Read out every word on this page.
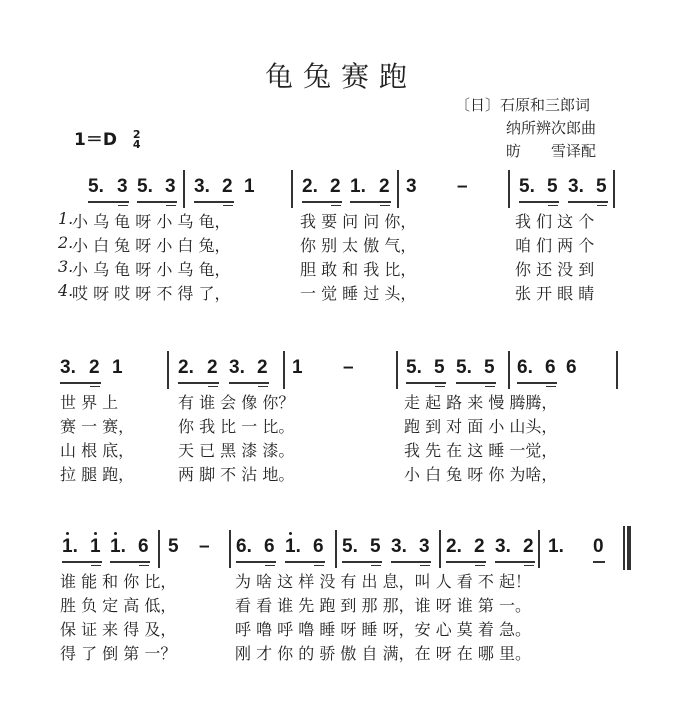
龟兔赛跑
〔日〕石原和三郎词
纳所辨次郎曲
昉　　雪译配
1＝D 2
4
5. 3 5. 3 3. 2 1 2. 2 1. 2 3 –	5. 5 3. 5
1.
小 乌 龟 呀 小 乌 龟，	我 要 问 问 你，	我 们 这 个
2.
小 白 兔 呀 小 白 兔，	你 别 太 傲 气，	咱 们 两 个
3.
小 乌 龟 呀 小 乌 龟，	胆 敢 和 我 比，	你 还 没 到
4.
哎 呀 哎 呀 不 得 了，	一 觉 睡 过 头，	张 开 眼 睛
3. 2 1	2. 2 3. 2 1 –	5. 5 5. 5 6. 6 6
世 界 上	有 谁 会 像 你？	走 起 路 来 慢 腾腾，
赛 一 赛，	你 我 比 一 比。	跑 到 对 面 小 山头，
山 根 底，	天 已 黑 漆 漆。	我 先 在 这 睡 一觉，
拉 腿 跑，	两 脚 不 沾 地。	小 白 兔 呀 你 为啥，
1. 1 1. 6 5 – 6. 6 1. 6 5. 5 3. 3 2. 2 3. 2 1. 0
谁 能 和 你 比，	为 啥 这 样 没 有 出 息，叫 人 看 不 起！
胜 负 定 高 低，	看 看 谁 先 跑 到 那 那，谁 呀 谁 第 一。
保 证 来 得 及，	呼 噜 呼 噜 睡 呀 睡 呀，安 心 莫 着 急。
得 了 倒 第 一？	刚 才 你 的 骄 傲 自 满，在 呀 在 哪 里。
